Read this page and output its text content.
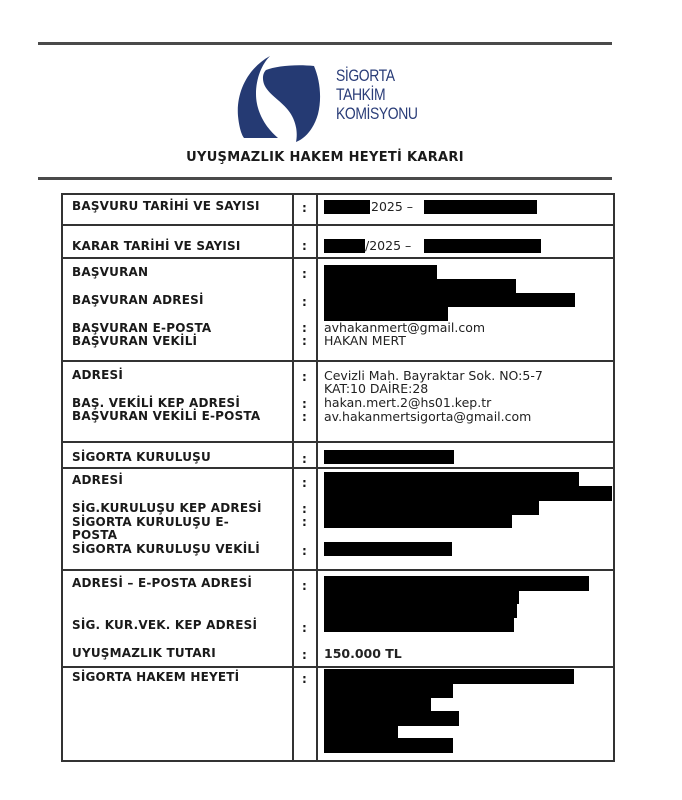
SİGORTA
TAHKİM
KOMİSYONU
UYUŞMAZLIK HAKEM HEYETİ KARARI
BAŞVURU TARİHİ VE SAYISI	:	2025 –
KARAR TARİHİ VE SAYISI	:	/2025 –
BAŞVURAN	:
BAŞVURAN ADRESİ	:
BAŞVURAN E-POSTA	: avhakanmert@gmail.com
BAŞVURAN VEKİLİ	: HAKAN MERT
ADRESİ	: Cevizli Mah. Bayraktar Sok. NO:5-7
KAT:10 DAİRE:28
BAŞ. VEKİLİ KEP ADRESİ	: hakan.mert.2@hs01.kep.tr
BAŞVURAN VEKİLİ E-POSTA	: av.hakanmertsigorta@gmail.com
SİGORTA KURULUŞU	:
ADRESİ	:
SİG.KURULUŞU KEP ADRESİ	:
SİGORTA KURULUŞU E-
POSTA
:
SİGORTA KURULUŞU VEKİLİ	:
ADRESİ – E-POSTA ADRESİ	:
SİG. KUR.VEK. KEP ADRESİ	:
UYUŞMAZLIK TUTARI	: 150.000 TL
SİGORTA HAKEM HEYETİ	:
